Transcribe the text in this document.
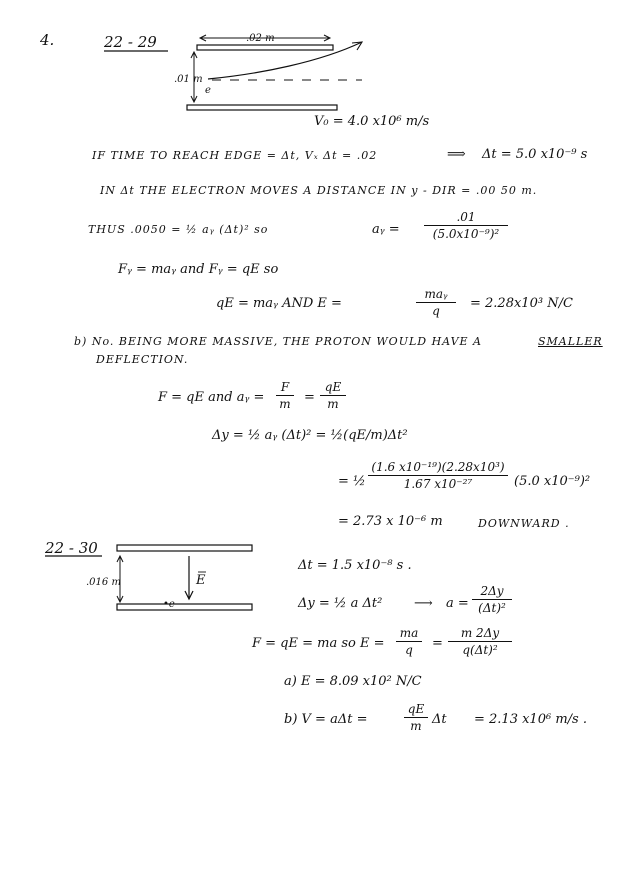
4.	22 - 29	.02 m
.01 m
e
V₀ = 4.0 x10⁶ m/s
IF TIME TO REACH EDGE = Δt, Vₓ Δt = .02	⟹ Δt = 5.0 x10⁻⁹ s
IN Δt THE ELECTRON MOVES A DISTANCE IN y - DIR = .00 50 m.
THUS .0050 = ½ aᵧ (Δt)² so	aᵧ =
.01
(5.0x10⁻⁹)²
Fᵧ = maᵧ and Fᵧ = qE so
qE = maᵧ AND E =
maᵧ
q	= 2.28x10³ N/C
b) No. BEING MORE MASSIVE, THE PROTON WOULD HAVE A	SMALLER
DEFLECTION.
F = qE and aᵧ =
F
m =
qE
m
Δy = ½ aᵧ (Δt)² = ½(qE/m)Δt²
= ½
(1.6 x10⁻¹⁹)(2.28x10³)
1.67 x10⁻²⁷	(5.0 x10⁻⁹)²
= 2.73 x 10⁻⁶ m	DOWNWARD .
22 - 30
.016 m	E
•e
Δt = 1.5 x10⁻⁸ s .
Δy = ½ a Δt² ⟶ a =
2Δy
(Δt)²
F = qE = ma so E =
ma
q	=
m 2Δy
q(Δt)²
a) E = 8.09 x10² N/C
b) V = aΔt =
qE
m Δt = 2.13 x10⁶ m/s .
